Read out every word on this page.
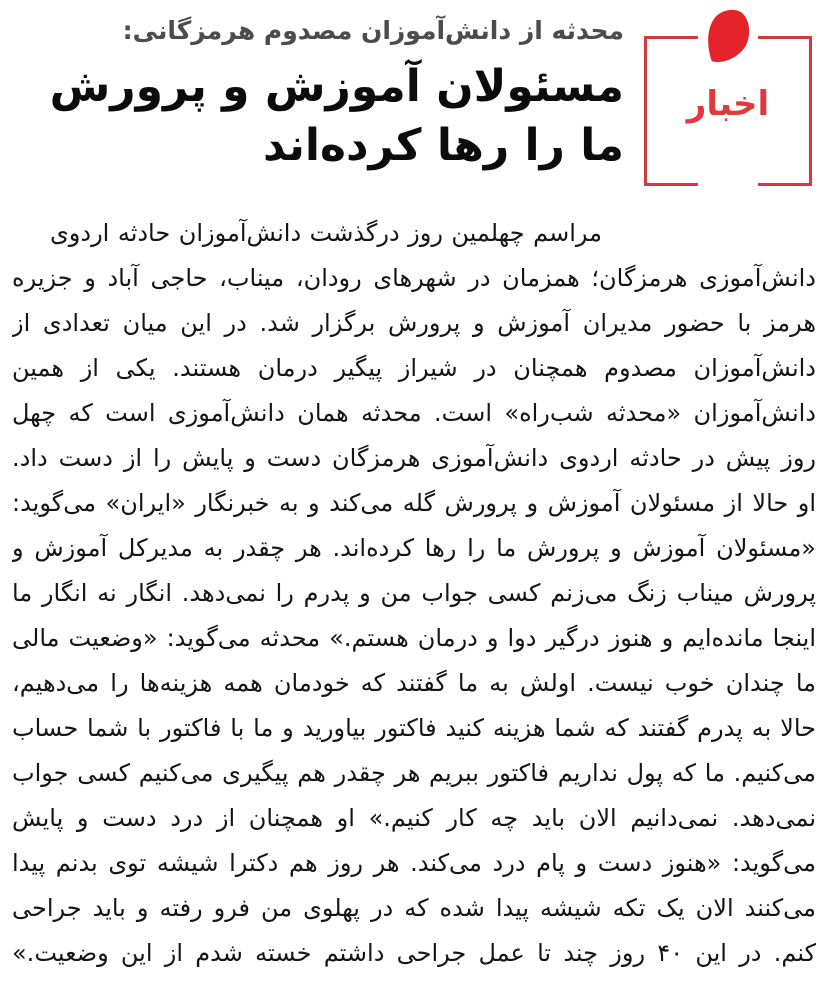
اخبار
محدثه از دانش‌آموزان مصدوم هرمزگانی:
مسئولان آموزش و پرورش
ما را رها کرده‌اند
مراسم چهلمین روز درگذشت دانش‌آموزان حادثه اردوی
دانش‌آموزی هرمزگان؛ همزمان در شهرهای رودان، میناب، حاجی آباد و جزیره
هرمز با حضور مدیران آموزش و پرورش برگزار شد. در این میان تعدادی از
دانش‌آموزان مصدوم همچنان در شیراز پیگیر درمان هستند. یکی از همین
دانش‌آموزان «محدثه شب‌راه» است. محدثه همان دانش‌آموزی است که چهل
روز پیش در حادثه اردوی دانش‌آموزی هرمزگان دست و پایش را از دست داد.
او حالا از مسئولان آموزش و پرورش گله می‌کند و به خبرنگار «ایران» می‌گوید:
«مسئولان آموزش و پرورش ما را رها کرده‌اند. هر چقدر به مدیرکل آموزش و
پرورش میناب زنگ می‌زنم کسی جواب من و پدرم را نمی‌دهد. انگار نه انگار ما
اینجا مانده‌ایم و هنوز درگیر دوا و درمان هستم.» محدثه می‌گوید: «وضعیت مالی
ما چندان خوب نیست. اولش به ما گفتند که خودمان همه هزینه‌ها را می‌دهیم،
حالا به پدرم گفتند که شما هزینه کنید فاکتور بیاورید و ما با فاکتور با شما حساب
می‌کنیم. ما که پول نداریم فاکتور ببریم هر چقدر هم پیگیری می‌کنیم کسی جواب
نمی‌دهد. نمی‌دانیم الان باید چه کار کنیم.» او همچنان از درد دست و پایش
می‌گوید: «هنوز دست و پام درد می‌کند. هر روز هم دکترا شیشه توی بدنم پیدا
می‌کنند الان یک تکه شیشه پیدا شده که در پهلوی من فرو رفته و باید جراحی
کنم. در این ۴۰ روز چند تا عمل جراحی داشتم خسته شدم از این وضعیت.»
